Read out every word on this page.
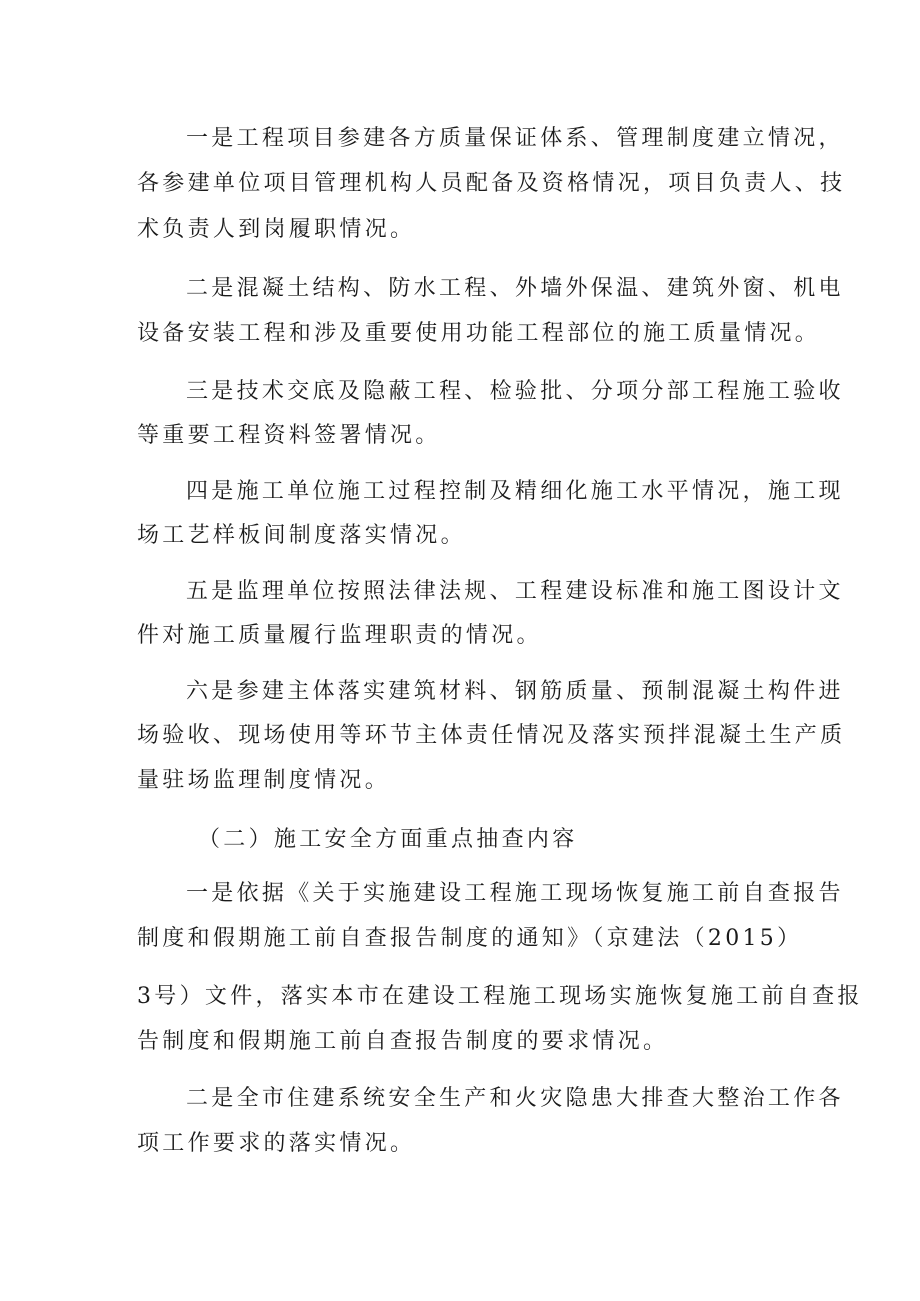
一是工程项目参建各方质量保证体系、管理制度建立情况，
各参建单位项目管理机构人员配备及资格情况，项目负责人、技
术负责人到岗履职情况。
二是混凝土结构、防水工程、外墙外保温、建筑外窗、机电
设备安装工程和涉及重要使用功能工程部位的施工质量情况。
三是技术交底及隐蔽工程、检验批、分项分部工程施工验收
等重要工程资料签署情况。
四是施工单位施工过程控制及精细化施工水平情况，施工现
场工艺样板间制度落实情况。
五是监理单位按照法律法规、工程建设标准和施工图设计文
件对施工质量履行监理职责的情况。
六是参建主体落实建筑材料、钢筋质量、预制混凝土构件进
场验收、现场使用等环节主体责任情况及落实预拌混凝土生产质
量驻场监理制度情况。
（二）施工安全方面重点抽查内容
一是依据《关于实施建设工程施工现场恢复施工前自查报告
制度和假期施工前自查报告制度的通知》（京建法（2015）
3号）文件，落实本市在建设工程施工现场实施恢复施工前自查报
告制度和假期施工前自查报告制度的要求情况。
二是全市住建系统安全生产和火灾隐患大排查大整治工作各
项工作要求的落实情况。
